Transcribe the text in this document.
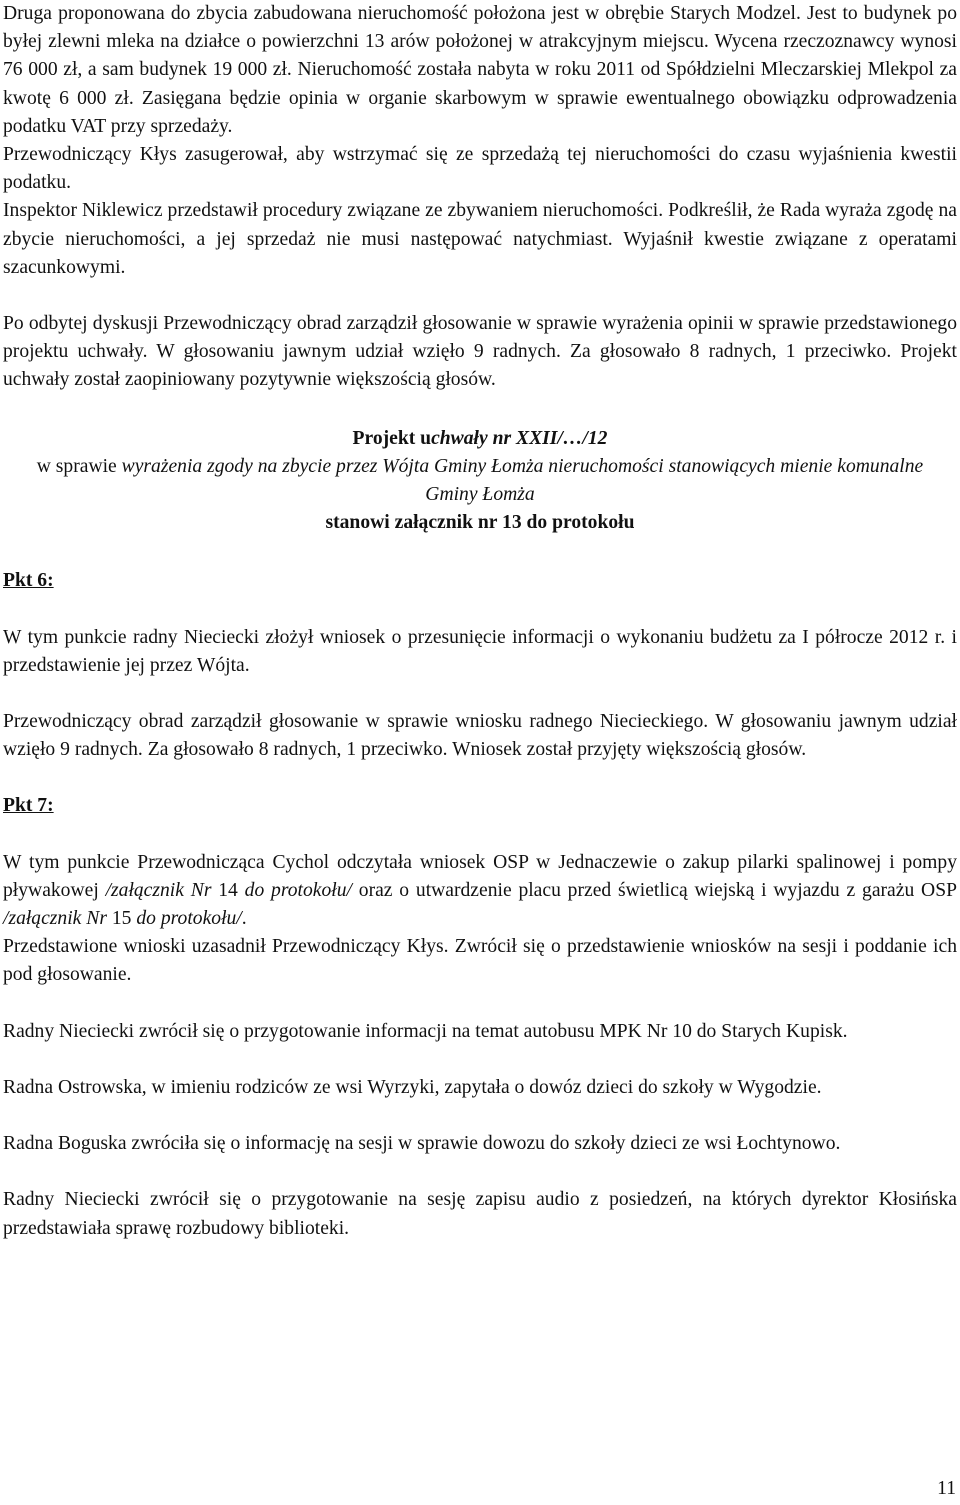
Druga proponowana do zbycia zabudowana nieruchomość położona jest w obrębie Starych Modzel. Jest to budynek po byłej zlewni mleka na działce o powierzchni 13 arów położonej w atrakcyjnym miejscu. Wycena rzeczoznawcy wynosi 76 000 zł, a sam budynek 19 000 zł. Nieruchomość została nabyta w roku 2011 od Spółdzielni Mleczarskiej Mlekpol za kwotę 6 000 zł. Zasięgana będzie opinia w organie skarbowym w sprawie ewentualnego obowiązku odprowadzenia podatku VAT przy sprzedaży.

Przewodniczący Kłys zasugerował, aby wstrzymać się ze sprzedażą tej nieruchomości do czasu wyjaśnienia kwestii podatku.

Inspektor Niklewicz przedstawił procedury związane ze zbywaniem nieruchomości. Podkreślił, że Rada wyraża zgodę na zbycie nieruchomości, a jej sprzedaż nie musi następować natychmiast. Wyjaśnił kwestie związane z operatami szacunkowymi.

Po odbytej dyskusji Przewodniczący obrad zarządził głosowanie w sprawie wyrażenia opinii w sprawie przedstawionego projektu uchwały. W głosowaniu jawnym udział wzięło 9 radnych. Za głosowało 8 radnych, 1 przeciwko. Projekt uchwały został zaopiniowany pozytywnie większością głosów.

Projekt uchwały nr XXII/…/12

w sprawie wyrażenia zgody na zbycie przez Wójta Gminy Łomża nieruchomości stanowiących mienie komunalne Gminy Łomża

stanowi załącznik nr 13 do protokołu

Pkt 6:

W tym punkcie radny Nieciecki złożył wniosek o przesunięcie informacji o wykonaniu budżetu za I półrocze 2012 r. i przedstawienie jej przez Wójta.

Przewodniczący obrad zarządził głosowanie w sprawie wniosku radnego Niecieckiego. W głosowaniu jawnym udział wzięło 9 radnych. Za głosowało 8 radnych, 1 przeciwko. Wniosek został przyjęty większością głosów.

Pkt 7:

W tym punkcie Przewodnicząca Cychol odczytała wniosek OSP w Jednaczewie o zakup pilarki spalinowej i pompy pływakowej /załącznik Nr 14 do protokołu/ oraz o utwardzenie placu przed świetlicą wiejską i wyjazdu z garażu OSP /załącznik Nr 15 do protokołu/.

Przedstawione wnioski uzasadnił Przewodniczący Kłys. Zwrócił się o przedstawienie wniosków na sesji i poddanie ich pod głosowanie.

Radny Nieciecki zwrócił się o przygotowanie informacji na temat autobusu MPK Nr 10 do Starych Kupisk.

Radna Ostrowska, w imieniu rodziców ze wsi Wyrzyki, zapytała o dowóz dzieci do szkoły w Wygodzie.

Radna Boguska zwróciła się o informację na sesji w sprawie dowozu do szkoły dzieci ze wsi Łochtynowo.

Radny Nieciecki zwrócił się o przygotowanie na sesję zapisu audio z posiedzeń, na których dyrektor Kłosińska przedstawiała sprawę rozbudowy biblioteki.

11
